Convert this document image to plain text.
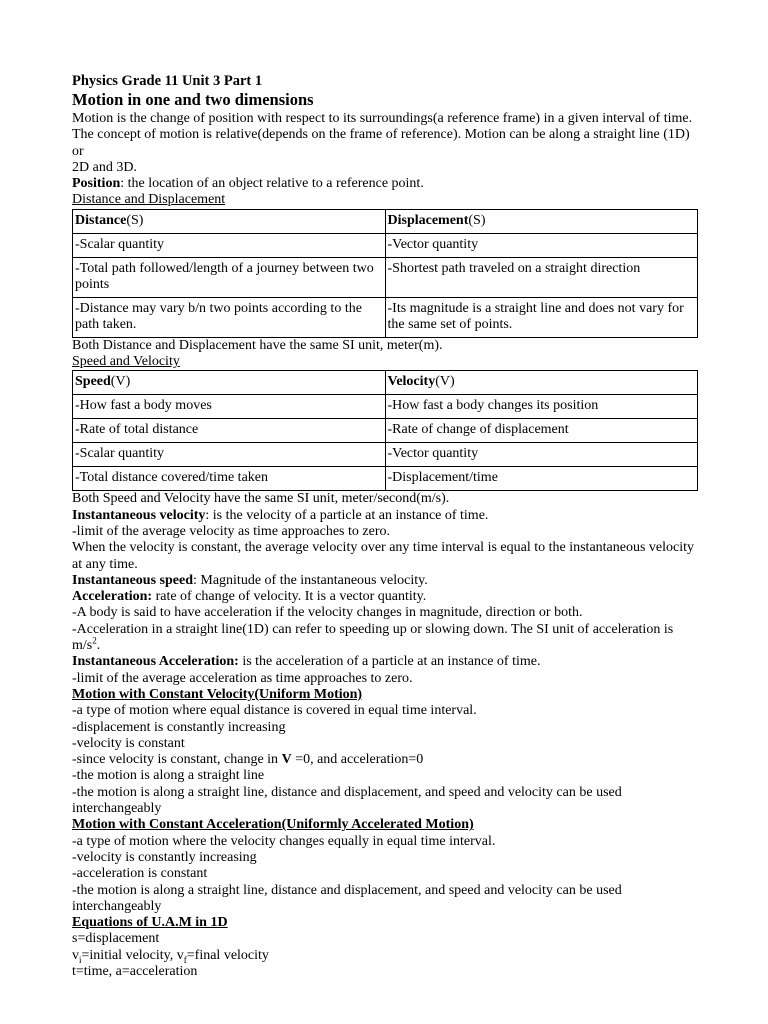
Physics Grade 11 Unit 3 Part 1

Motion in one and two dimensions

Motion is the change of position with respect to its surroundings(a reference frame) in a given interval of time.

The concept of motion is relative(depends on the frame of reference). Motion can be along a straight line (1D) or

2D and 3D.

Position: the location of an object relative to a reference point.

Distance and Displacement

Distance(S)	Displacement(S)
-Scalar quantity	-Vector quantity
-Total path followed/length of a journey between two points	-Shortest path traveled on a straight direction
-Distance may vary b/n two points according to the path taken.	-Its magnitude is a straight line and does not vary for the same set of points.

Both Distance and Displacement have the same SI unit, meter(m).

Speed and Velocity

Speed(V)	Velocity(V)
-How fast a body moves	-How fast a body changes its position
-Rate of total distance	-Rate of change of displacement
-Scalar quantity	-Vector quantity
-Total distance covered/time taken	-Displacement/time

Both Speed and Velocity have the same SI unit, meter/second(m/s).

Instantaneous velocity: is the velocity of a particle at an instance of time.

-limit of the average velocity as time approaches to zero.

When the velocity is constant, the average velocity over any time interval is equal to the instantaneous velocity

at any time.

Instantaneous speed: Magnitude of the instantaneous velocity.

Acceleration: rate of change of velocity. It is a vector quantity.

-A body is said to have acceleration if the velocity changes in magnitude, direction or both.

-Acceleration in a straight line(1D) can refer to speeding up or slowing down. The SI unit of acceleration is $m/s^2$.

Instantaneous Acceleration: is the acceleration of a particle at an instance of time.

-limit of the average acceleration as time approaches to zero.

Motion with Constant Velocity(Uniform Motion)

-a type of motion where equal distance is covered in equal time interval.

-displacement is constantly increasing

-velocity is constant

-since velocity is constant, change in V =0, and acceleration=0

-the motion is along a straight line

-the motion is along a straight line, distance and displacement, and speed and velocity can be used

interchangeably

Motion with Constant Acceleration(Uniformly Accelerated Motion)

-a type of motion where the velocity changes equally in equal time interval.

-velocity is constantly increasing

-acceleration is constant

-the motion is along a straight line, distance and displacement, and speed and velocity can be used

interchangeably

Equations of U.A.M in 1D

s=displacement

$v_i=initial$ velocity, $v_f=final$ velocity

t=time, a=acceleration
